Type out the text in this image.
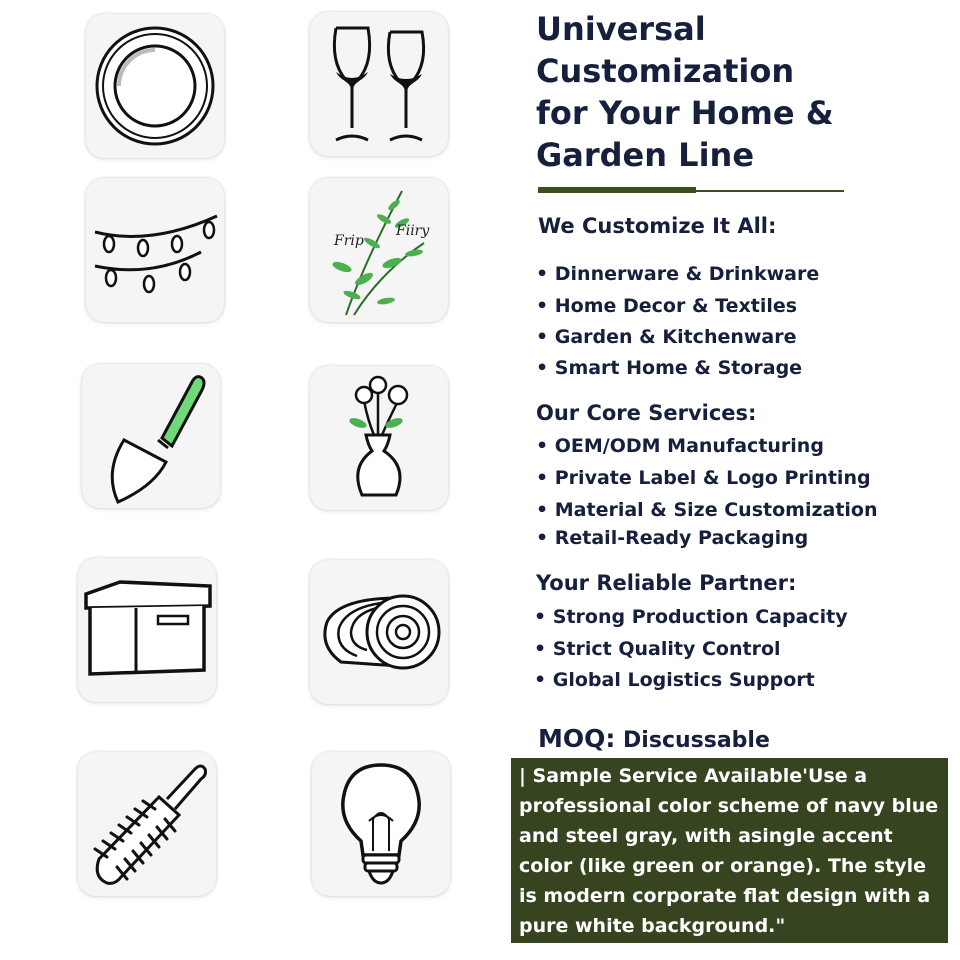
Frip
Fiiry
Universal
Customization
for Your Home &
Garden Line

We Customize It All:

• Dinnerware & Drinkware

• Home Decor & Textiles

• Garden & Kitchenware

• Smart Home & Storage

Our Core Services:

• OEM/ODM Manufacturing

• Private Label & Logo Printing

• Material & Size Customization

• Retail-Ready Packaging

Your Reliable Partner:

• Strong Production Capacity

• Strict Quality Control

• Global Logistics Support

MOQ: Discussable

| Sample Service Available'Use a professional color scheme of navy blue and steel gray, with asingle accent color (like green or orange). The style is modern corporate flat design with a pure white background."
